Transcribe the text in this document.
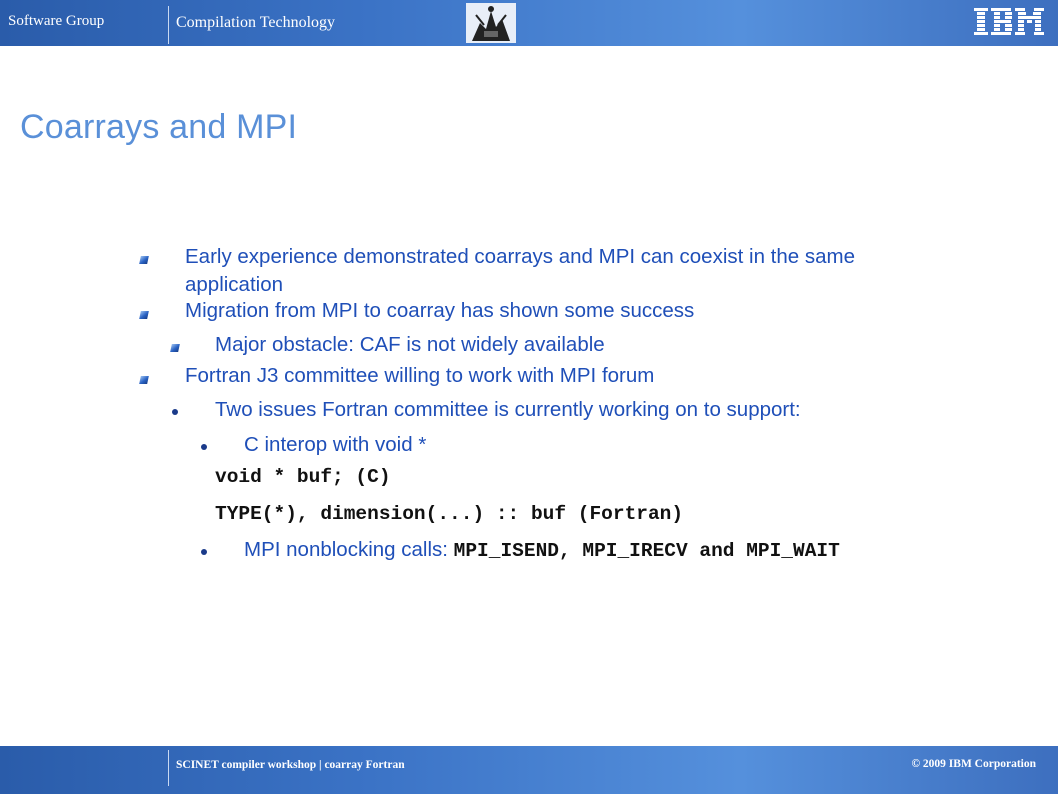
Software Group	Compilation Technology
Coarrays and MPI
Early experience demonstrated coarrays and MPI can coexist in the same
application
Migration from MPI to coarray has shown some success
Major obstacle: CAF is not widely available
Fortran J3 committee willing to work with MPI forum
Two issues Fortran committee is currently working on to support:
C interop with void *
void * buf; (C)
TYPE(*), dimension(...) :: buf (Fortran)
MPI nonblocking calls: MPI_ISEND, MPI_IRECV and MPI_WAIT
SCINET compiler workshop | coarray Fortran	© 2009 IBM Corporation
